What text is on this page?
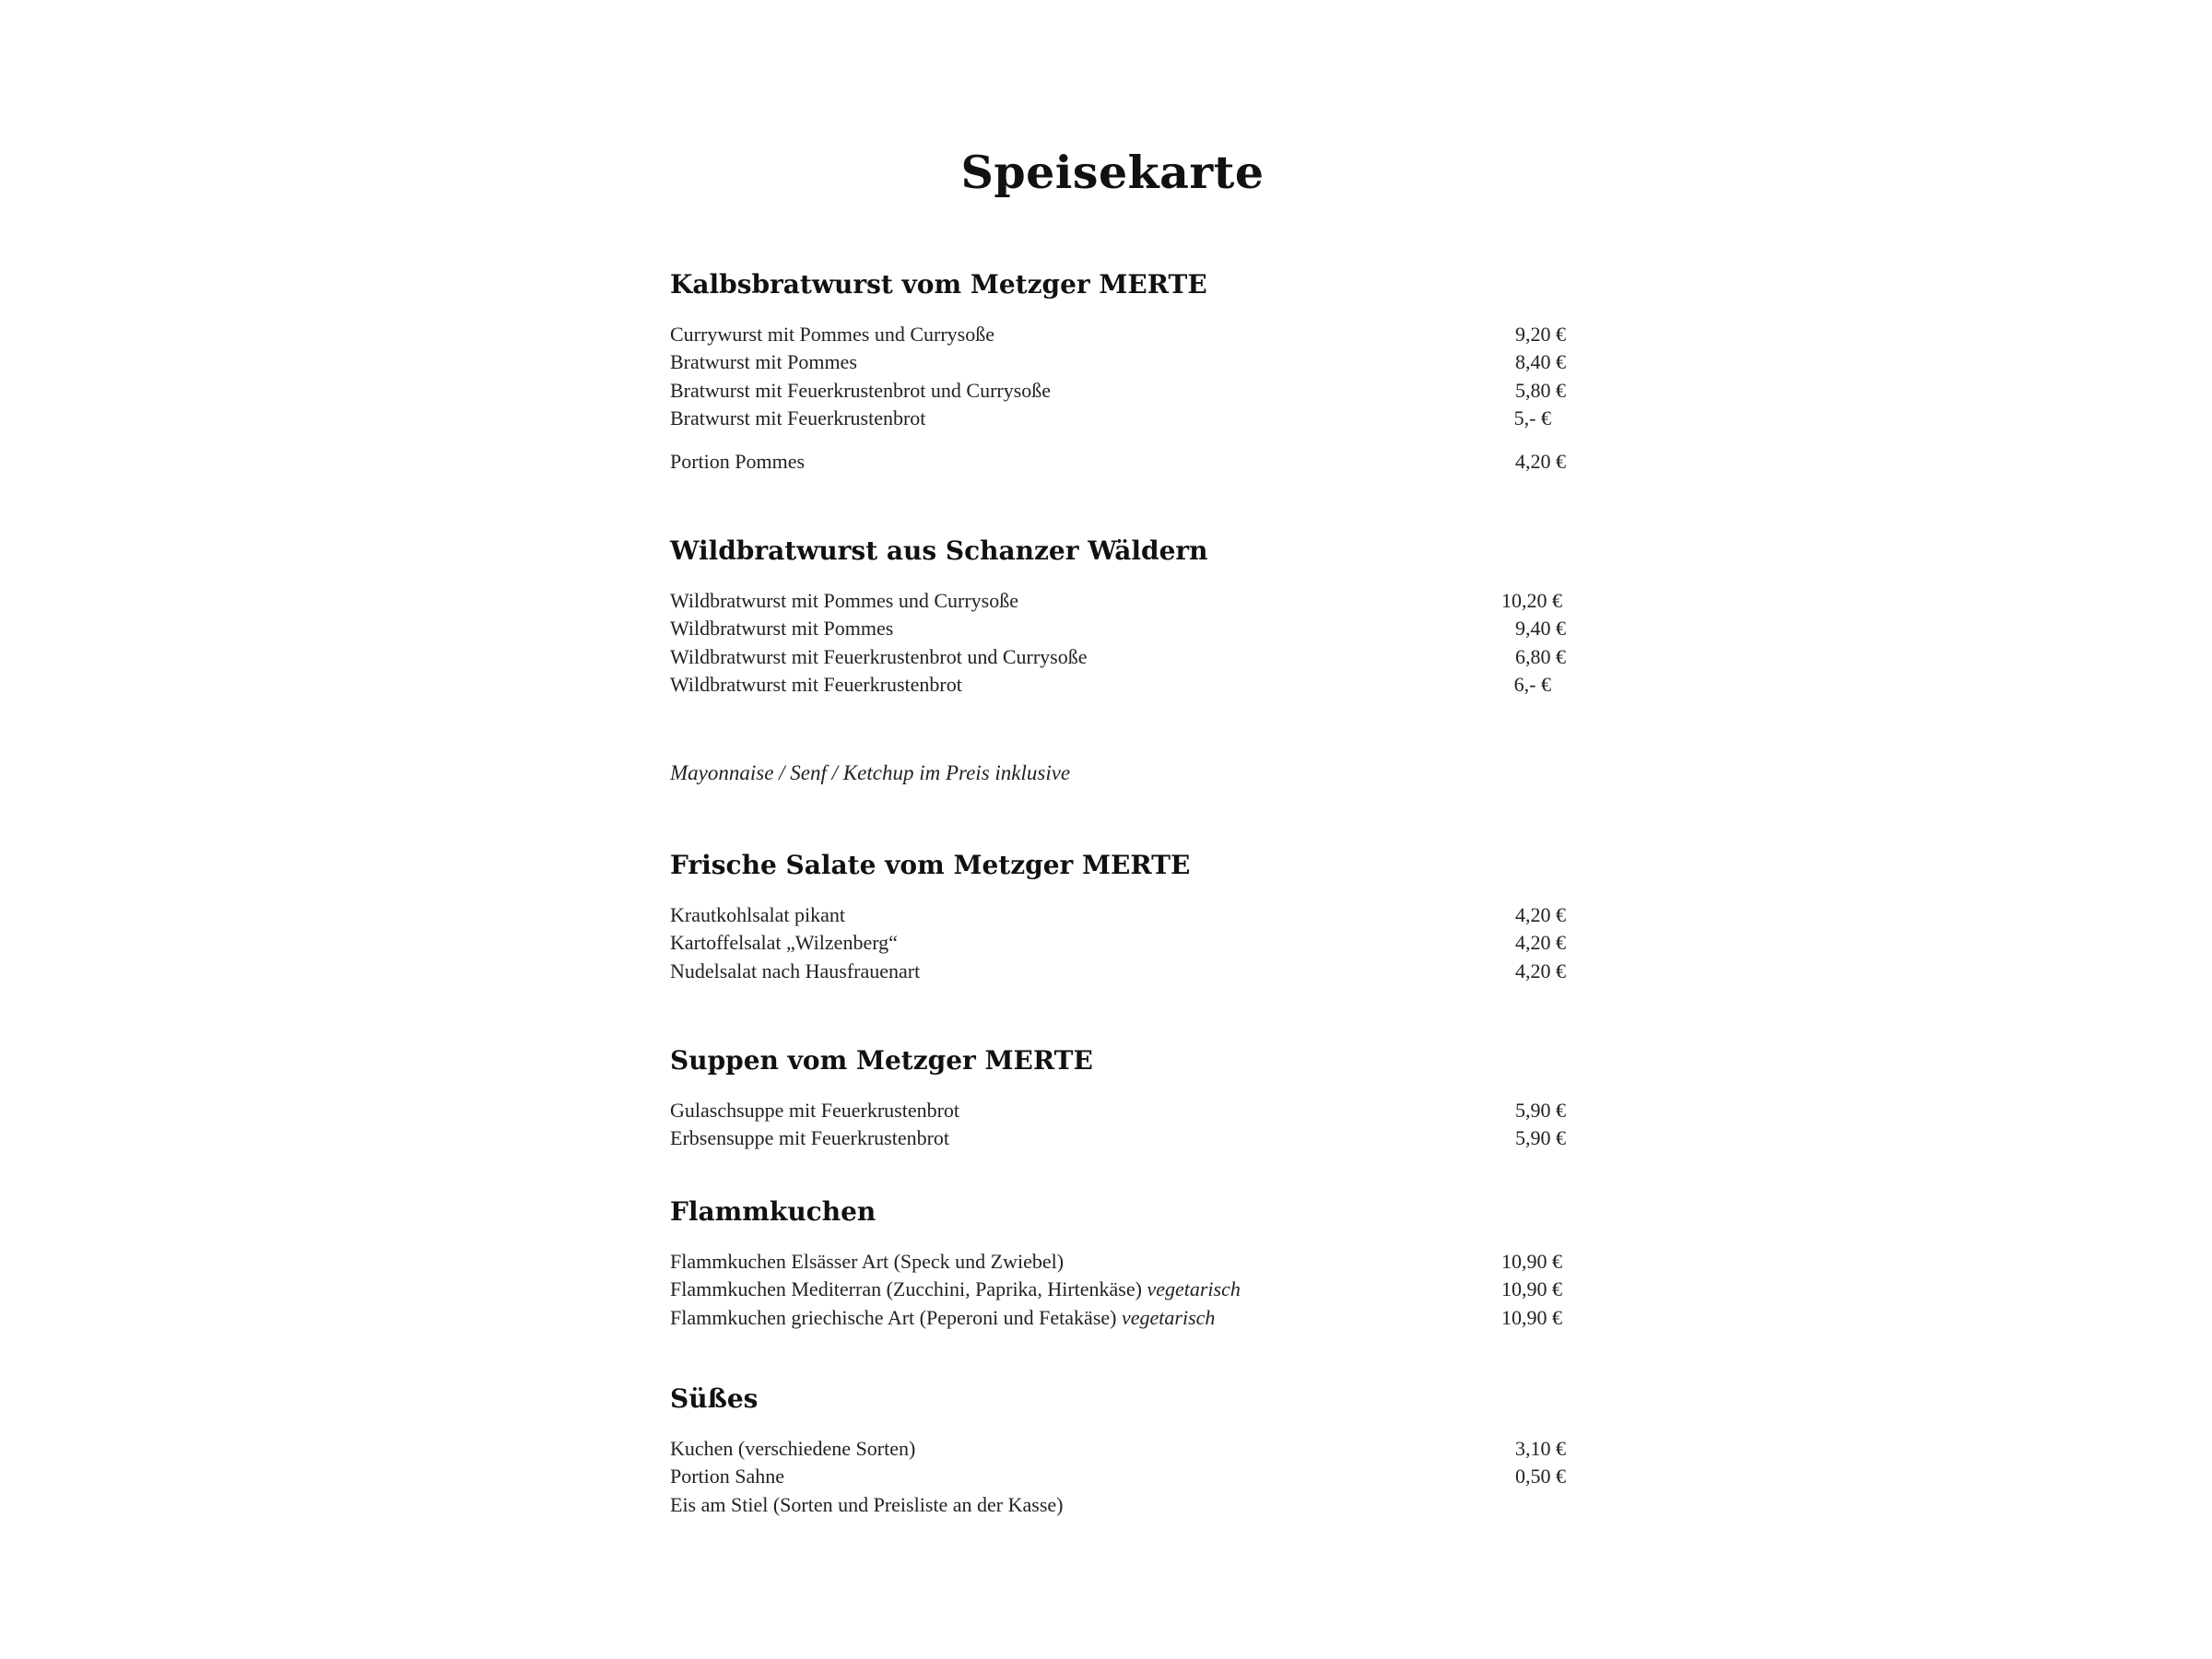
Speisekarte
Kalbsbratwurst vom Metzger MERTE
Currywurst mit Pommes und Currysoße	9,20 €
Bratwurst mit Pommes	8,40 €
Bratwurst mit Feuerkrustenbrot und Currysoße	5,80 €
Bratwurst mit Feuerkrustenbrot	5,- €
Portion Pommes	4,20 €
Wildbratwurst aus Schanzer Wäldern
Wildbratwurst mit Pommes und Currysoße	10,20 €
Wildbratwurst mit Pommes	9,40 €
Wildbratwurst mit Feuerkrustenbrot und Currysoße	6,80 €
Wildbratwurst mit Feuerkrustenbrot	6,- €
Mayonnaise / Senf / Ketchup im Preis inklusive
Frische Salate vom Metzger MERTE
Krautkohlsalat pikant	4,20 €
Kartoffelsalat „Wilzenberg“	4,20 €
Nudelsalat nach Hausfrauenart	4,20 €
Suppen vom Metzger MERTE
Gulaschsuppe mit Feuerkrustenbrot	5,90 €
Erbsensuppe mit Feuerkrustenbrot	5,90 €
Flammkuchen
Flammkuchen Elsässer Art (Speck und Zwiebel)	10,90 €
Flammkuchen Mediterran (Zucchini, Paprika, Hirtenkäse) vegetarisch	10,90 €
Flammkuchen griechische Art (Peperoni und Fetakäse) vegetarisch	10,90 €
Süßes
Kuchen (verschiedene Sorten)	3,10 €
Portion Sahne	0,50 €
Eis am Stiel (Sorten und Preisliste an der Kasse)
